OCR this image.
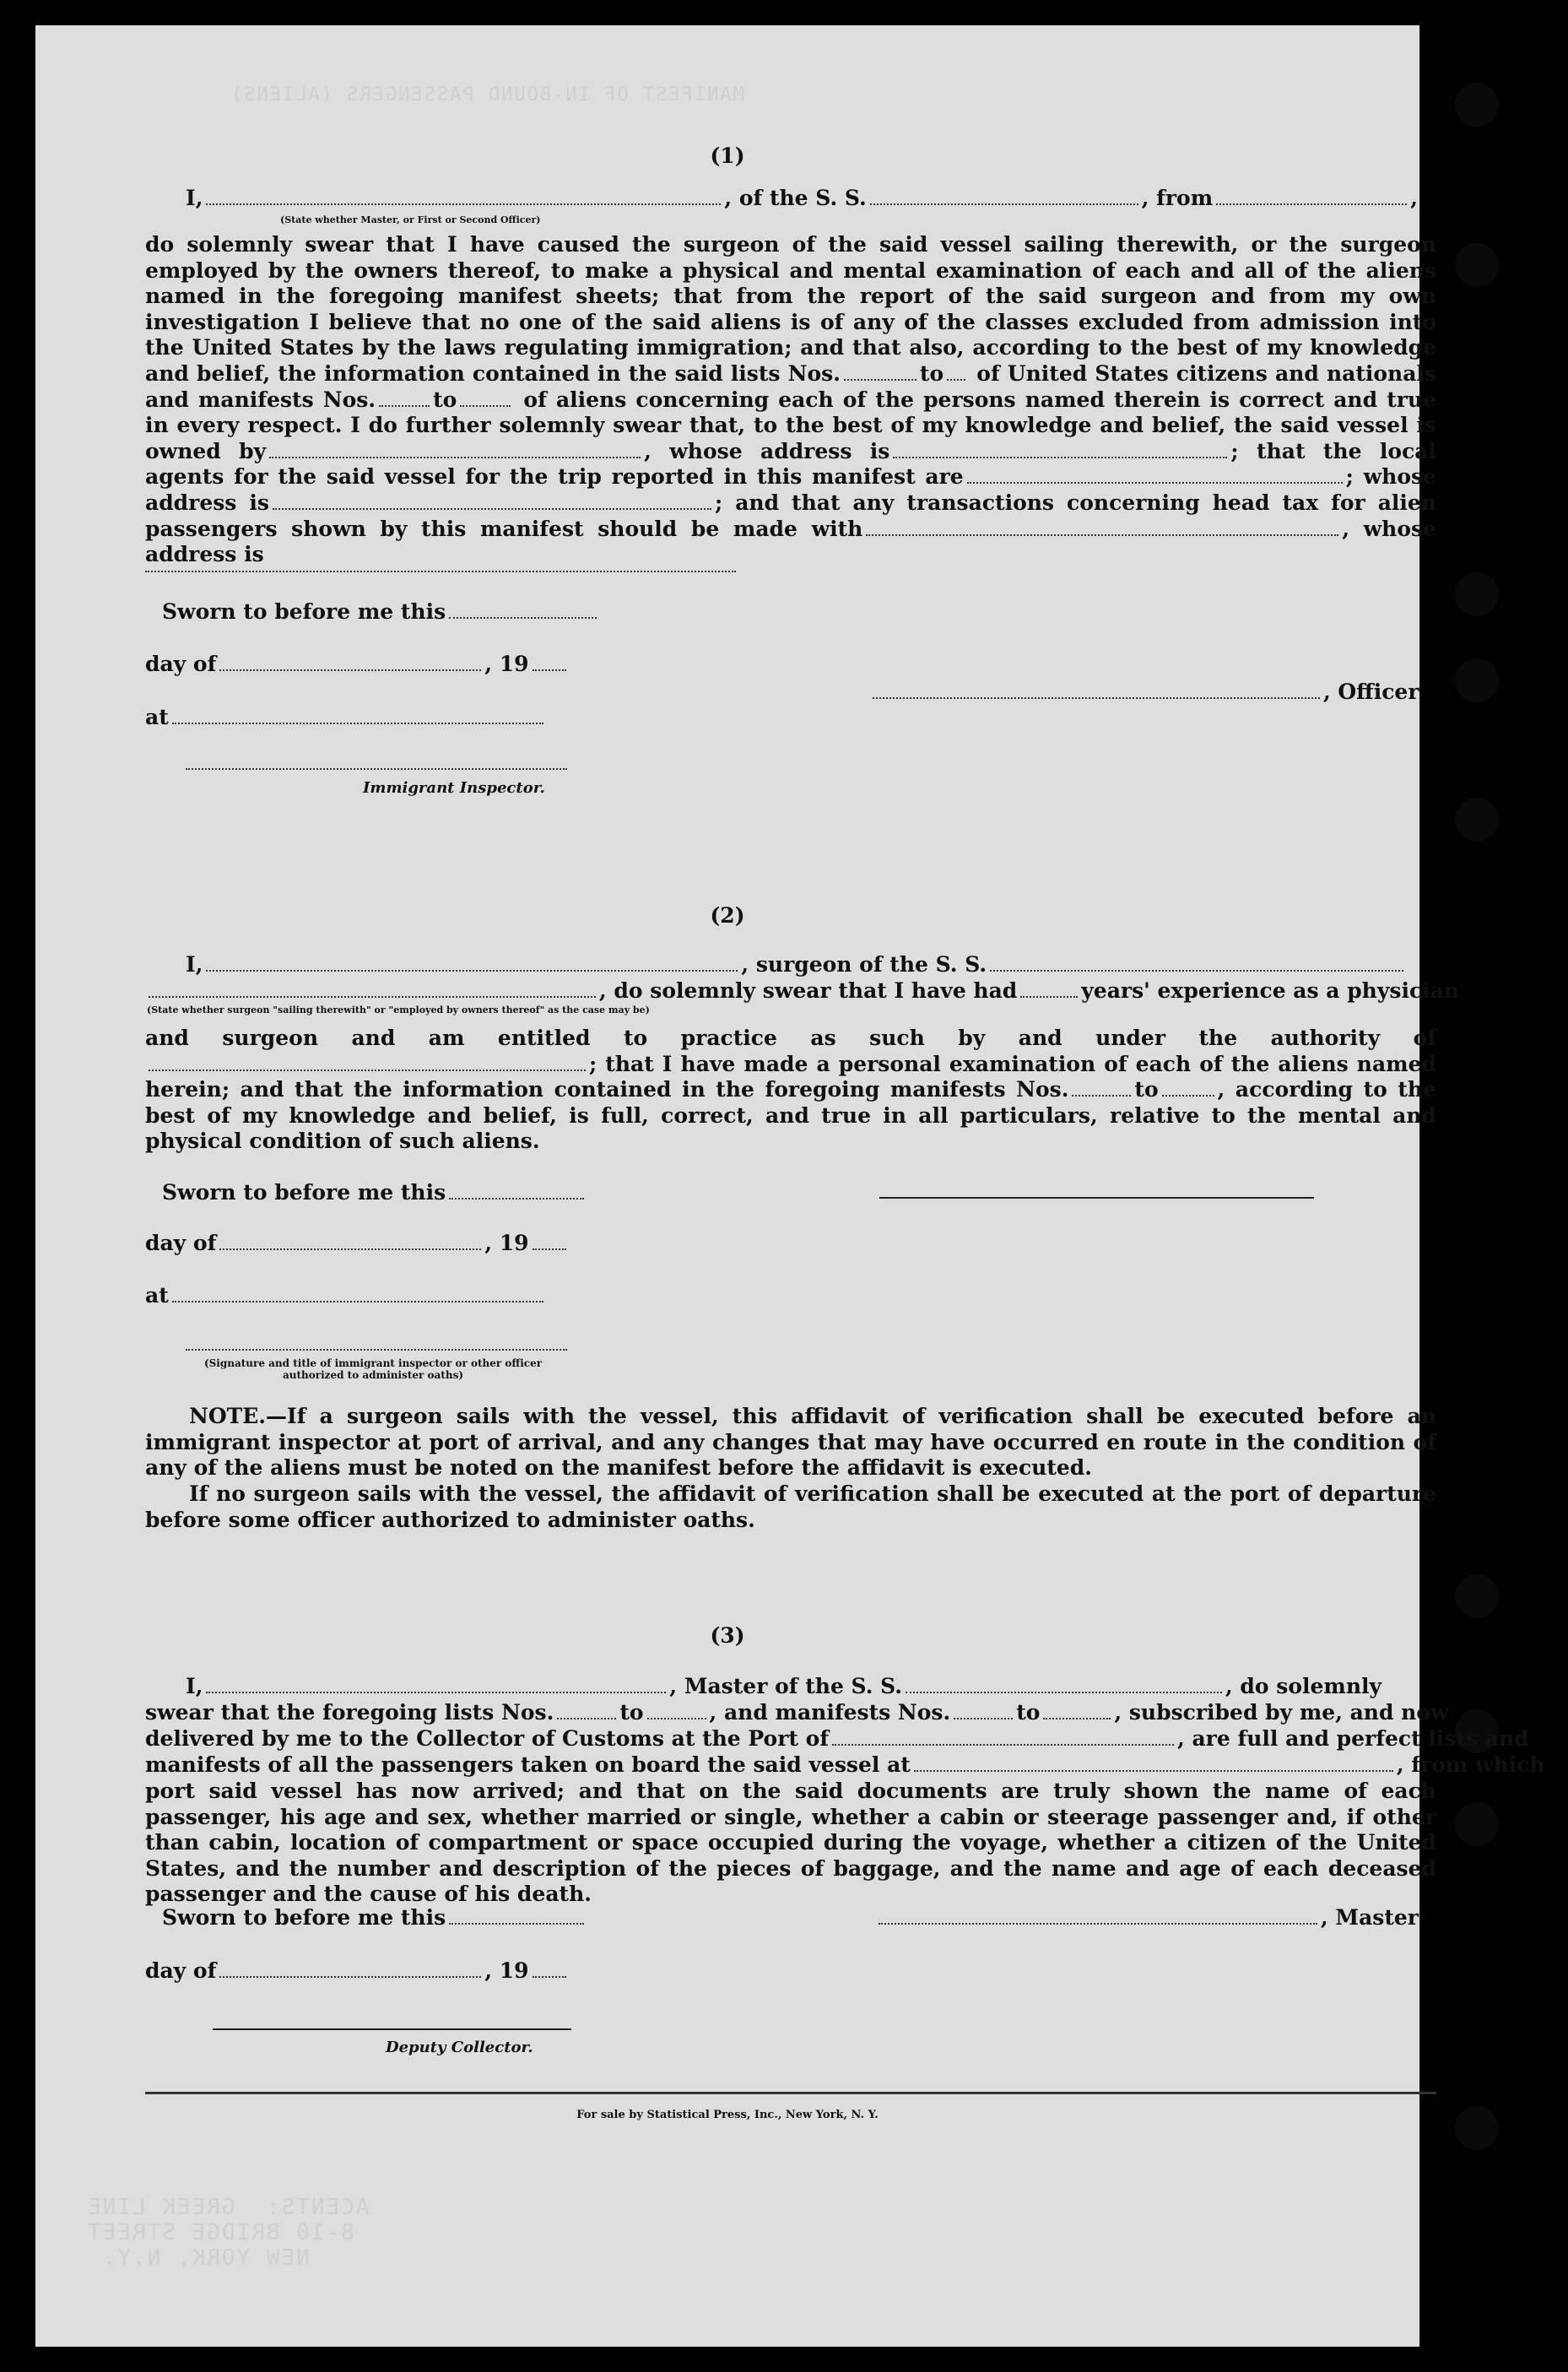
MANIFEST OF IN-BOUND PASSENGERS (ALIENS)
ACENTS:  GREEK LINE
8-10 BRIDGE STREET
NEW YORK, N.Y.
(1)
I,	, of the S. S.	, from	,
(State whether Master, or First or Second Officer)
do solemnly swear that I have caused the surgeon of the said vessel sailing therewith, or the surgeon employed by the owners thereof, to make a physical and mental examination of each and all of the aliens named in the foregoing manifest sheets; that from the report of the said surgeon and from my own investigation I believe that no one of the said aliens is of any of the classes excluded from admission into the United States by the laws regulating immigration; and that also, according to the best of my knowledge and belief, the information contained in the said lists Nos.	to of United States citizens and nationals and manifests Nos.	to	of aliens concerning each of the persons named therein is correct and true in every respect. I do further solemnly swear that, to the best of my knowledge and belief, the said vessel is owned by	, whose address is	; that the local agents for the said vessel for the trip reported in this manifest are	; whose address is	; and that any transactions concerning head tax for alien passengers shown by this manifest should be made with	, whose address is
Sworn to before me this
day of	, 19
at
Immigrant Inspector.
, Officer
(2)
I,	, surgeon of the S. S.
, do solemnly swear that I have had	years' experience as a physician
(State whether surgeon "sailing therewith" or "employed by owners thereof" as the case may be)
and surgeon and am entitled to practice as such by and under the authority of; that I have made a personal examination of each of the aliens named herein; and that the information contained in the foregoing manifests Nos.	to	, according to the best of my knowledge and belief, is full, correct, and true in all particulars, relative to the mental and physical condition of such aliens.
Sworn to before me this
day of	, 19
at
(Signature and title of immigrant inspector or other officer authorized to administer oaths)
NOTE.—If a surgeon sails with the vessel, this affidavit of verification shall be executed before an immigrant inspector at port of arrival, and any changes that may have occurred en route in the condition of any of the aliens must be noted on the manifest before the affidavit is executed.
If no surgeon sails with the vessel, the affidavit of verification shall be executed at the port of departure before some officer authorized to administer oaths.
(3)
I,	, Master of the S. S.	, do solemnly
swear that the foregoing lists Nos.	to	, and manifests Nos.	to	, subscribed by me, and now
delivered by me to the Collector of Customs at the Port of	, are full and perfect lists and
manifests of all the passengers taken on board the said vessel at	, from which
port said vessel has now arrived; and that on the said documents are truly shown the name of each passenger, his age and sex, whether married or single, whether a cabin or steerage passenger and, if other than cabin, location of compartment or space occupied during the voyage, whether a citizen of the United States, and the number and description of the pieces of baggage, and the name and age of each deceased passenger and the cause of his death.
Sworn to before me this	, Master
day of	, 19
Deputy Collector.
For sale by Statistical Press, Inc., New York, N. Y.
